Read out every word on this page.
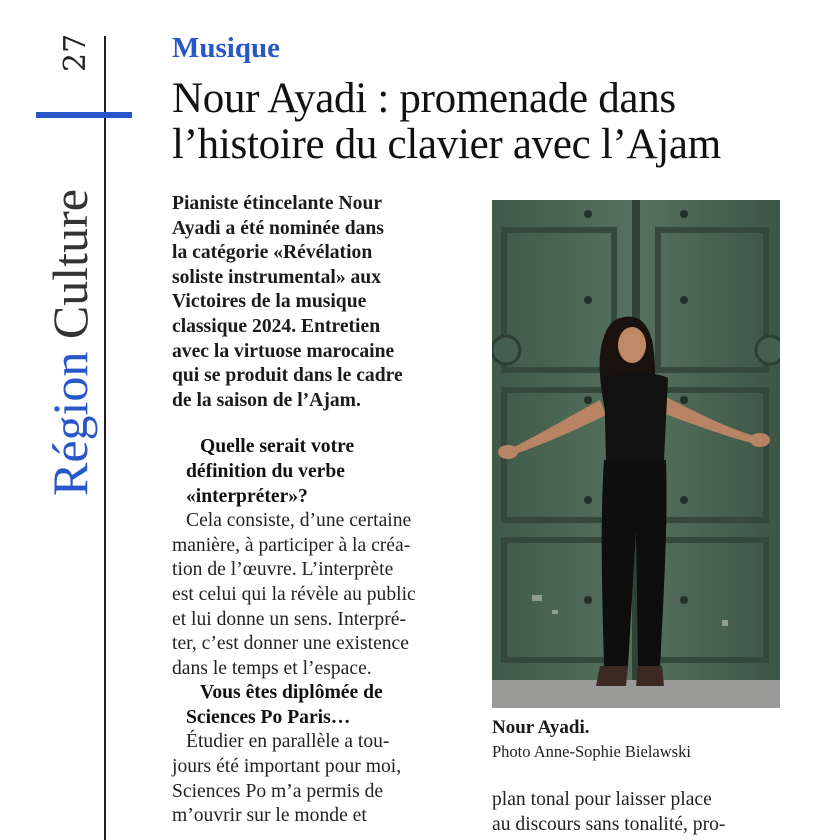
27
Région Culture
Musique
Nour Ayadi : promenade dans
l’histoire du clavier avec l’Ajam
Pianiste étincelante Nour
Ayadi a été nominée dans
la catégorie «Révélation
soliste instrumental» aux
Victoires de la musique
classique 2024. Entretien
avec la virtuose marocaine
qui se produit dans le cadre
de la saison de l’Ajam.
Quelle serait votre
définition du verbe
«interpréter»?
Cela consiste, d’une certaine
manière, à participer à la créa-
tion de l’œuvre. L’interprète
est celui qui la révèle au public
et lui donne un sens. Interpré-
ter, c’est donner une existence
dans le temps et l’espace.
Vous êtes diplômée de
Sciences Po Paris…
Étudier en parallèle a tou-
jours été important pour moi,
Sciences Po m’a permis de
m’ouvrir sur le monde et
Nour Ayadi.
Photo Anne-Sophie Bielawski
plan tonal pour laisser place
au discours sans tonalité, pro-
